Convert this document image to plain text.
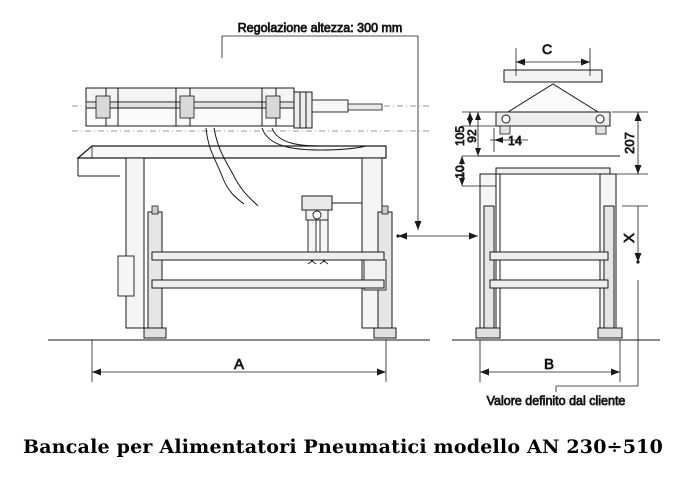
Regolazione altezza: 300 mm
A	B
C
207
X
92
105
10
14
Valore definito dal cliente
Bancale per Alimentatori Pneumatici modello AN 230÷510
